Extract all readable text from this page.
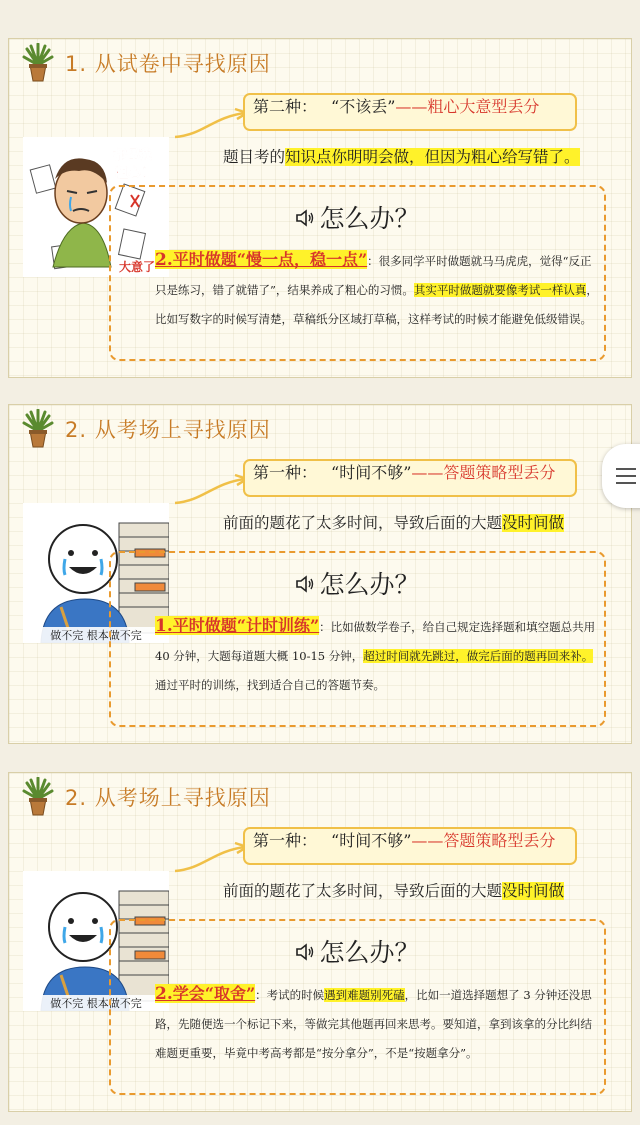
1. 从试卷中寻找原因
第二种： “不该丢”——粗心大意型丢分
都怪我
粗心！
大意了
题目考的知识点你明明会做，但因为粗心给写错了。
怎么办？
2.平时做题“慢一点，稳一点”：很多同学平时做题就马马虎虎，觉得“反正只是练习，错了就错了”，结果养成了粗心的习惯。其实平时做题就要像考试一样认真，比如写数字的时候写清楚，草稿纸分区域打草稿，这样考试的时候才能避免低级错误。
2. 从考场上寻找原因
第一种： “时间不够”——答题策略型丢分
做不完 根本做不完
前面的题花了太多时间，导致后面的大题没时间做
怎么办？
1.平时做题“计时训练”：比如做数学卷子，给自己规定选择题和填空题总共用 40 分钟，大题每道题大概 10-15 分钟，超过时间就先跳过，做完后面的题再回来补。通过平时的训练，找到适合自己的答题节奏。
2. 从考场上寻找原因
第一种： “时间不够”——答题策略型丢分
做不完 根本做不完
前面的题花了太多时间，导致后面的大题没时间做
怎么办？
2.学会“取舍”：考试的时候遇到难题别死磕，比如一道选择题想了 3 分钟还没思路，先随便选一个标记下来，等做完其他题再回来思考。要知道，拿到该拿的分比纠结难题更重要，毕竟中考高考都是“按分拿分”，不是“按题拿分”。
